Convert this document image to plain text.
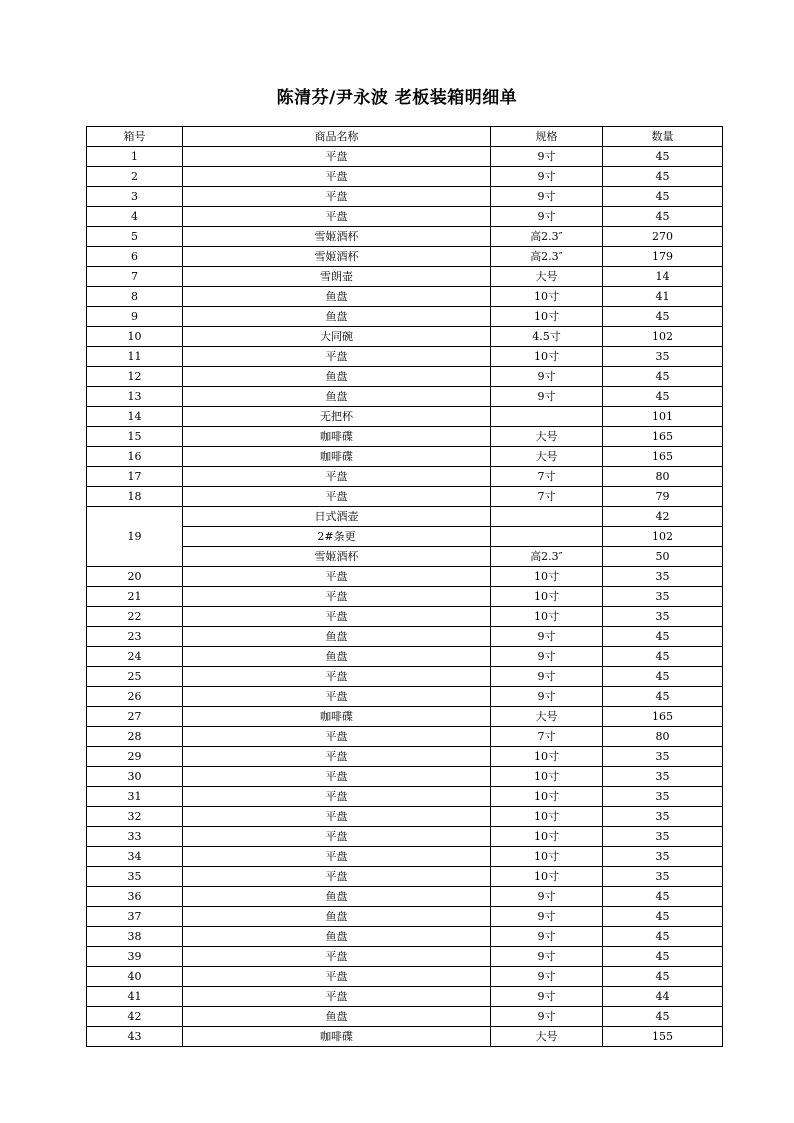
陈清芬/尹永波 老板装箱明细单
箱号	商品名称	规格	数量
1	平盘	9寸	45
2	平盘	9寸	45
3	平盘	9寸	45
4	平盘	9寸	45
5	雪姬酒杯	高2.3″	270
6	雪姬酒杯	高2.3″	179
7	雪朗壶	大号	14
8	鱼盘	10寸	41
9	鱼盘	10寸	45
10	大同碗	4.5寸	102
11	平盘	10寸	35
12	鱼盘	9寸	45
13	鱼盘	9寸	45
14	无把杯		101
15	咖啡碟	大号	165
16	咖啡碟	大号	165
17	平盘	7寸	80
18	平盘	7寸	79
19	日式酒壶		42
	2#条更		102
	雪姬酒杯	高2.3″	50
20	平盘	10寸	35
21	平盘	10寸	35
22	平盘	10寸	35
23	鱼盘	9寸	45
24	鱼盘	9寸	45
25	平盘	9寸	45
26	平盘	9寸	45
27	咖啡碟	大号	165
28	平盘	7寸	80
29	平盘	10寸	35
30	平盘	10寸	35
31	平盘	10寸	35
32	平盘	10寸	35
33	平盘	10寸	35
34	平盘	10寸	35
35	平盘	10寸	35
36	鱼盘	9寸	45
37	鱼盘	9寸	45
38	鱼盘	9寸	45
39	平盘	9寸	45
40	平盘	9寸	45
41	平盘	9寸	44
42	鱼盘	9寸	45
43	咖啡碟	大号	155
